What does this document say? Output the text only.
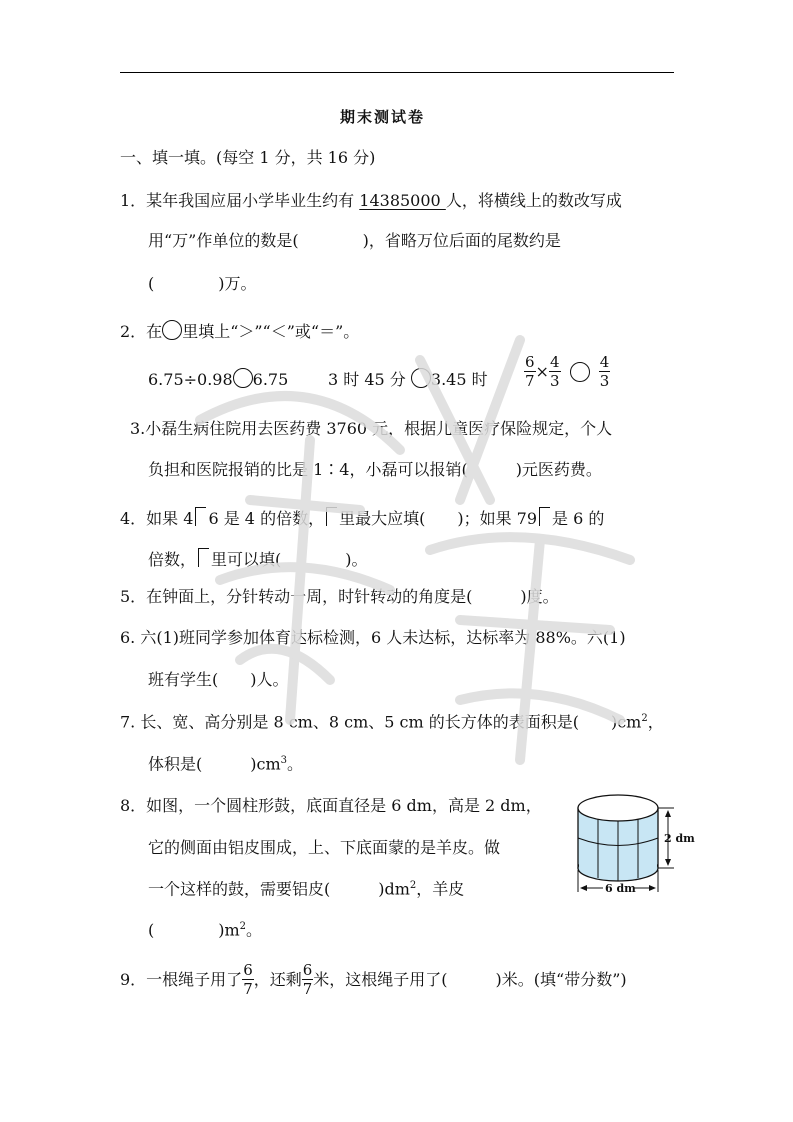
期末测试卷
一、填一填。(每空 1 分，共 16 分)
1．某年我国应届小学毕业生约有 14385000 人，将横线上的数改写成
用“万”作单位的数是(　　　　)，省略万位后面的尾数约是
(　　　　)万。
2．在 里填上“＞”“＜”或“＝”。
6.75÷0.98 6.75 3 时 45 分 3.45 时 $\frac{6}{7} \times \frac{4}{3}$
	$\frac{4}{3}$
3.小磊生病住院用去医药费 3760 元，根据儿童医疗保险规定，个人
负担和医院报销的比是 1∶4，小磊可以报销(　　　)元医药费。
4．如果 4 6 是 4 的倍数， 里最大应填(　　)；如果 79 是 6 的
倍数， 里可以填(　　　　)。
5．在钟面上，分针转动一周，时针转动的角度是(　　　)度。
6. 六(1)班同学参加体育达标检测，6 人未达标，达标率为 88%。六(1)
班有学生(　　)人。
7. 长、宽、高分别是 8 cm、8 cm、5 cm 的长方体的表面积是(　　)$cm^2$，
体积是(　　　)$cm^3$。
8．如图，一个圆柱形鼓，底面直径是 6 dm，高是 2 dm，
它的侧面由铝皮围成，上、下底面蒙的是羊皮。做
一个这样的鼓，需要铝皮(　　　)$dm^2$，羊皮
(　　　　)$m^2$。
2 dm
6 dm
9．一根绳子用了 $\frac{6}{7}$ ，还剩 $\frac{6}{7}$ 米，这根绳子用了(　　　)米。(填“带分数”)
